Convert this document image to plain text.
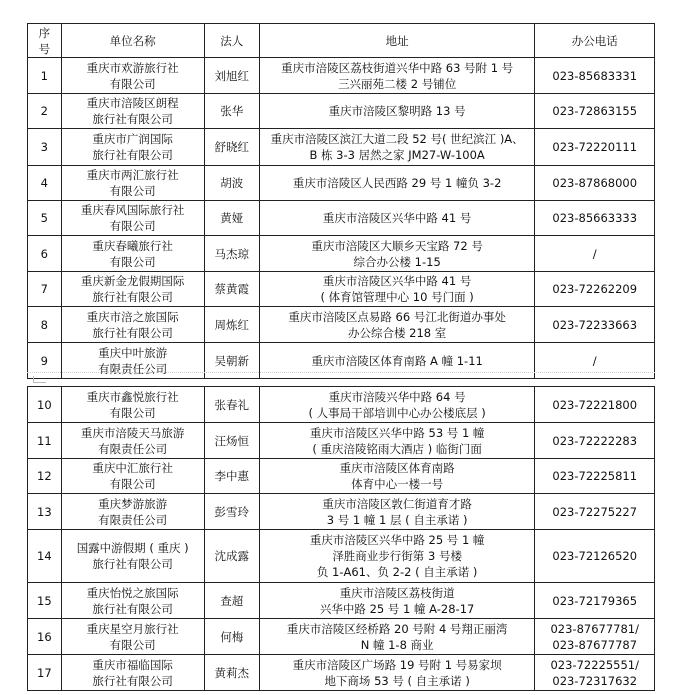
序
号	单位名称	法人	地址	办公电话

1	重庆市欢游旅行社
有限公司	刘旭红	重庆市涪陵区荔枝街道兴华中路 63 号附 1 号
三兴丽苑二楼 2 号铺位	023-85683331

2	重庆市涪陵区朗程
旅行社有限公司	张华	重庆市涪陵区黎明路 13 号	023-72863155

3	重庆市广润国际
旅行社有限公司	舒晓红	重庆市涪陵区滨江大道二段 52 号( 世纪滨江 )A、
B 栋 3-3 居然之家 JM27-W-100A	023-72220111

4	重庆市两汇旅行社
有限公司	胡波	重庆市涪陵区人民西路 29 号 1 幢负 3-2	023-87868000

5	重庆春风国际旅行社
有限公司	黄娅	重庆市涪陵区兴华中路 41 号	023-85663333

6	重庆春曦旅行社
有限公司	马杰琼	重庆市涪陵区大顺乡天宝路 72 号
综合办公楼 1-15	/

7	重庆新金龙假期国际
旅行社有限公司	蔡黄霞	重庆市涪陵区兴华中路 41 号
( 体育馆管理中心 10 号门面 )	023-72262209

8	重庆市涪之旅国际
旅行社有限公司	周炼红	重庆市涪陵区点易路 66 号江北街道办事处
办公综合楼 218 室	023-72233663

9	重庆中叶旅游
有限责任公司	吴朝新	重庆市涪陵区体育南路 A 幢 1-11	/
10	重庆市鑫悦旅行社
有限公司	张春礼	重庆市涪陵兴华中路 64 号
( 人事局干部培训中心办公楼底层 )	023-72221800

11	重庆市涪陵天马旅游
有限责任公司	汪炀恒	重庆市涪陵区兴华中路 53 号 1 幢
( 重庆涪陵铭雨大酒店 ) 临街门面	023-72222283

12	重庆中汇旅行社
有限公司	李中惠	重庆市涪陵区体育南路
体育中心一楼一号	023-72225811

13	重庆梦游旅游
有限责任公司	彭雪玲	重庆市涪陵区敦仁街道育才路
3 号 1 幢 1 层 ( 自主承诺 )	023-72275227

14	国露中游假期 ( 重庆 )
旅行社有限公司	沈成露	重庆市涪陵区兴华中路 25 号 1 幢
泽胜商业步行街第 3 号楼
负 1-A61、负 2-2 ( 自主承诺 )	023-72126520

15	重庆怡悦之旅国际
旅行社有限公司	查超	重庆市涪陵区荔枝街道
兴华中路 25 号 1 幢 A-28-17	023-72179365

16	重庆星空月旅行社
有限公司	何梅	重庆市涪陵区经桥路 20 号附 4 号翔正丽湾
N 幢 1-8 商业	023-87677781/
023-87677787

17	重庆市福临国际
旅行社有限公司	黄莉杰	重庆市涪陵区广场路 19 号附 1 号易家坝
地下商场 53 号 ( 自主承诺 )	023-72225551/
023-72317632
